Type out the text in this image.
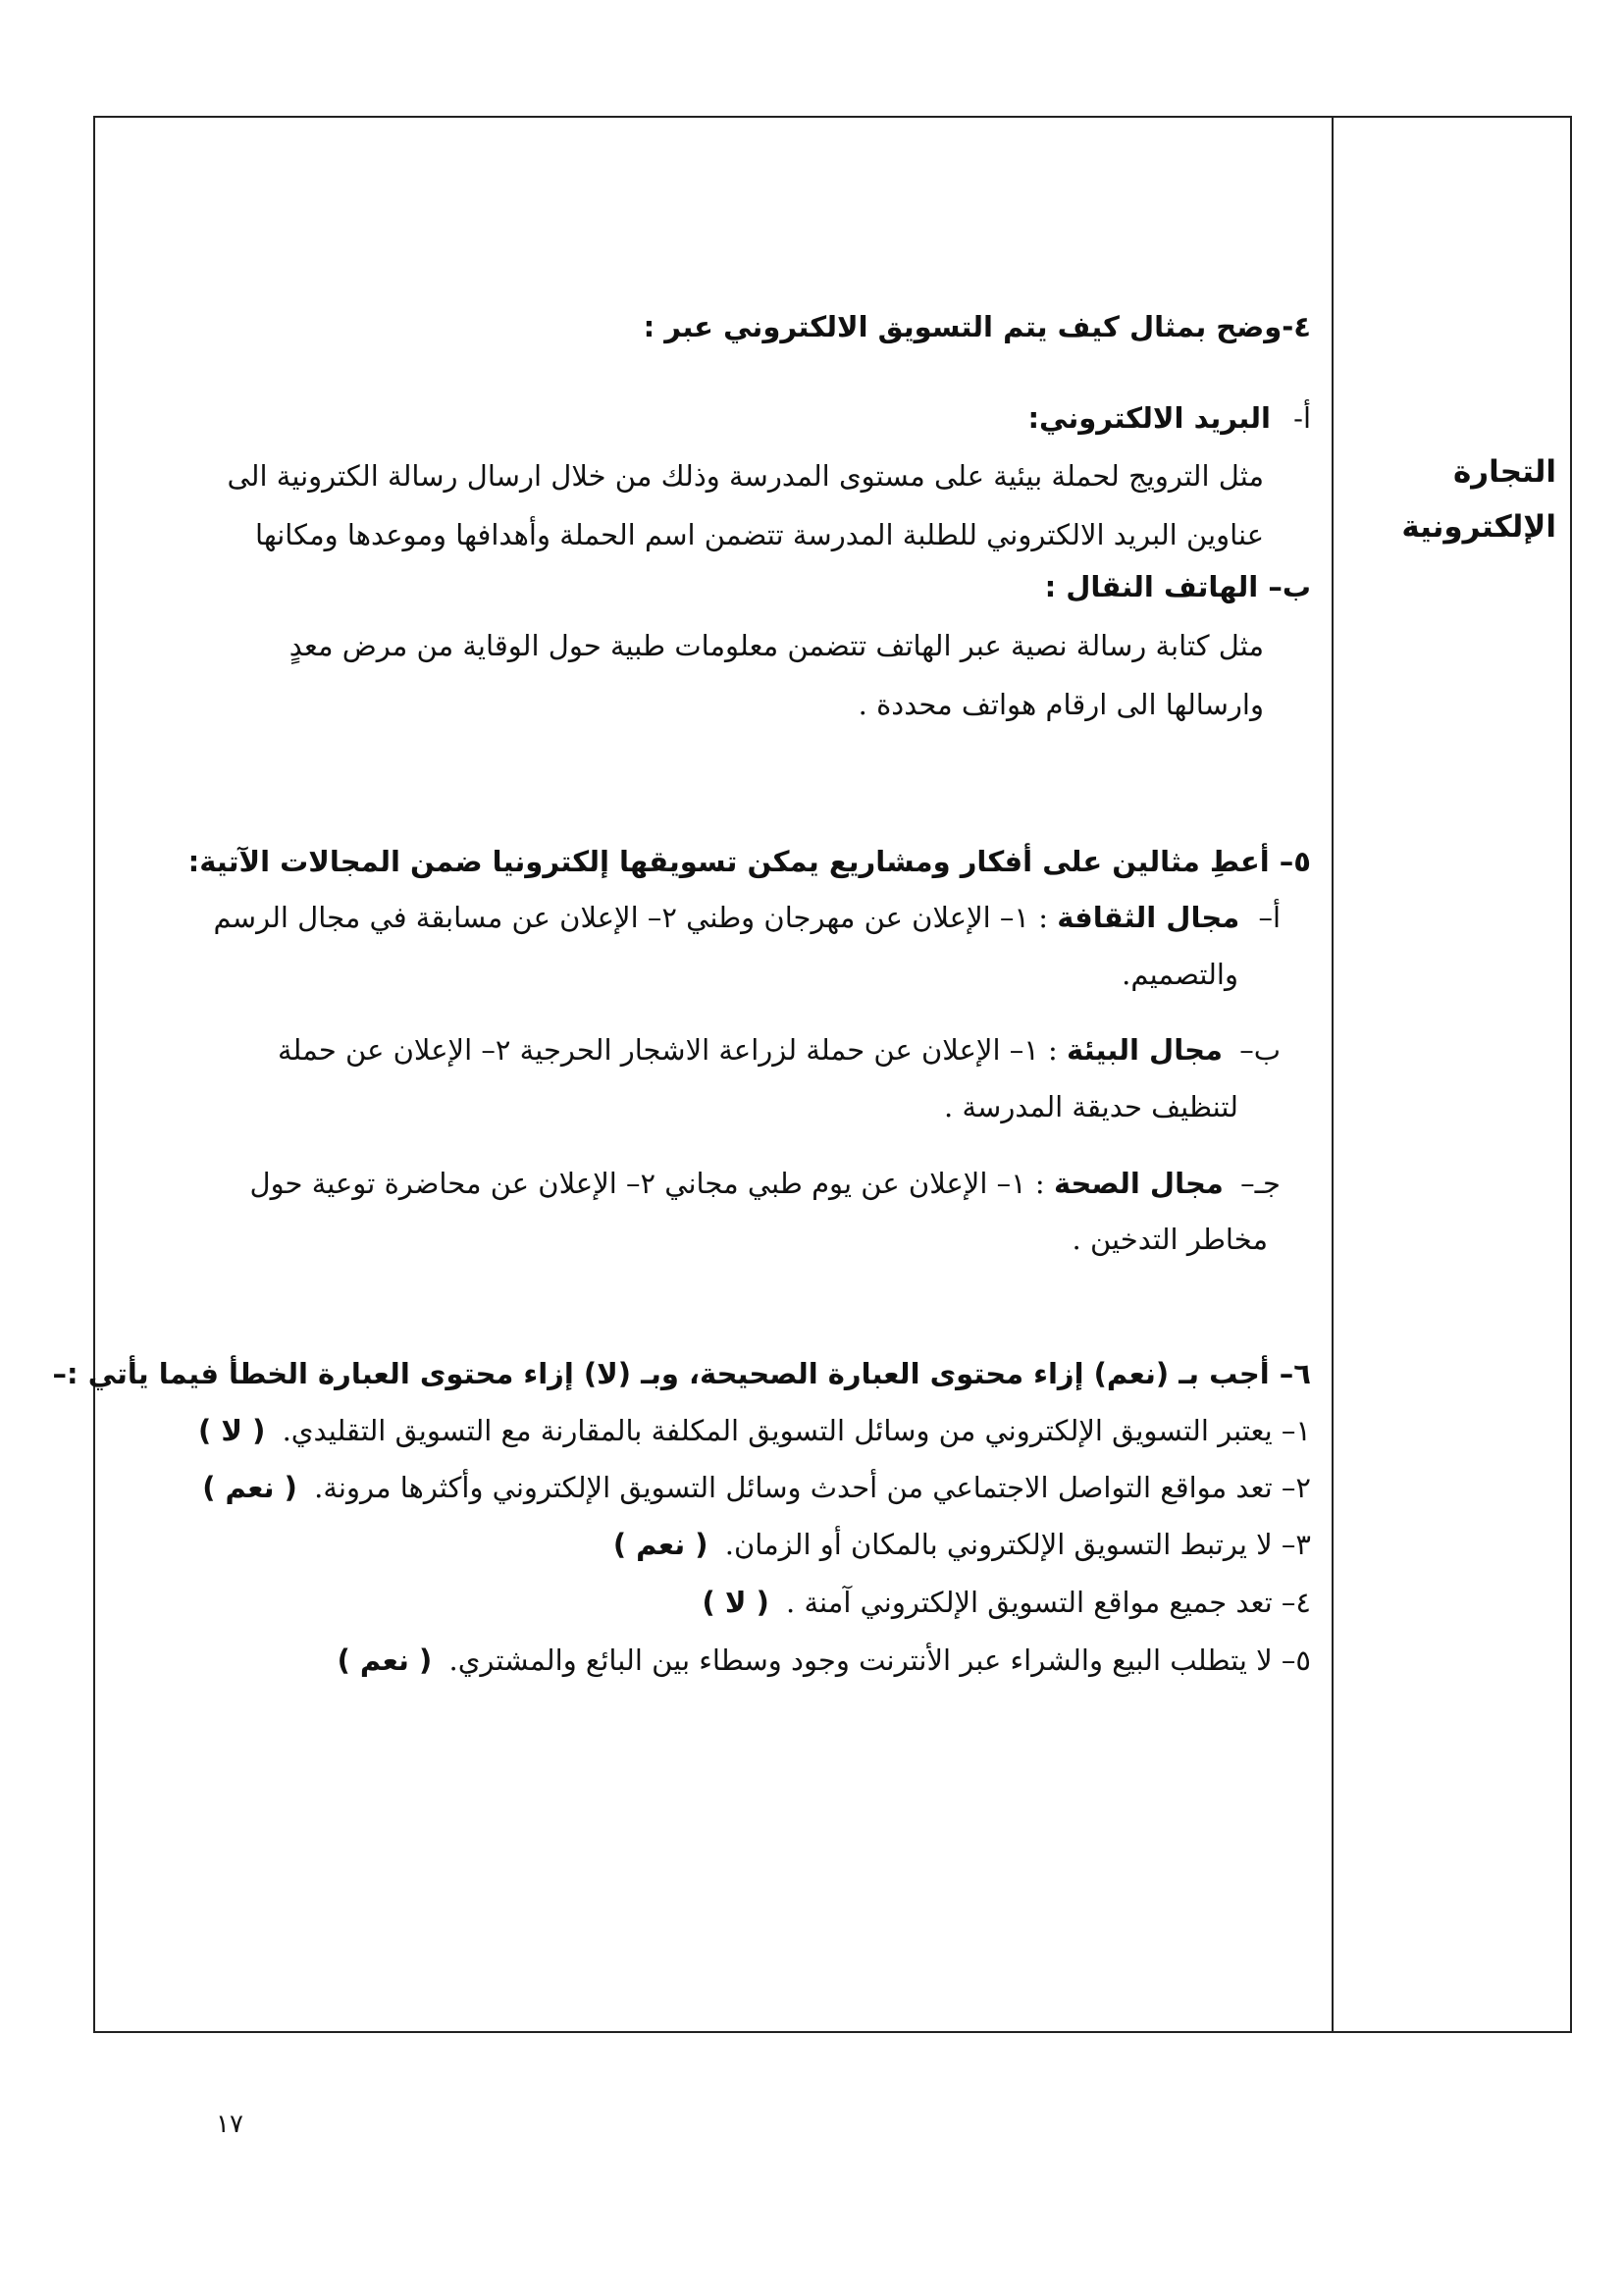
التجارة
الإلكترونية
٤-وضح بمثال كيف يتم التسويق الالكتروني عبر :
أ- البريد الالكتروني:
مثل الترويج لحملة بيئية على مستوى المدرسة وذلك من خلال ارسال رسالة الكترونية الى
عناوين البريد الالكتروني للطلبة المدرسة تتضمن اسم الحملة وأهدافها وموعدها ومكانها
ب– الهاتف النقال :
مثل كتابة رسالة نصية عبر الهاتف تتضمن معلومات طبية حول الوقاية من مرض معدٍ
وارسالها الى ارقام هواتف محددة .
٥– أعطِ مثالين على أفكار ومشاريع يمكن تسويقها إلكترونيا ضمن المجالات الآتية:
أ– مجال الثقافة : ١– الإعلان عن مهرجان وطني ٢– الإعلان عن مسابقة في مجال الرسم
والتصميم.
ب– مجال البيئة : ١– الإعلان عن حملة لزراعة الاشجار الحرجية ٢– الإعلان عن حملة
لتنظيف حديقة المدرسة .
جـ– مجال الصحة : ١– الإعلان عن يوم طبي مجاني ٢– الإعلان عن محاضرة توعية حول
مخاطر التدخين .
٦– أجب بـ (نعم) إزاء محتوى العبارة الصحيحة، وبـ (لا) إزاء محتوى العبارة الخطأ فيما يأتي :–
١– يعتبر التسويق الإلكتروني من وسائل التسويق المكلفة بالمقارنة مع التسويق التقليدي. ( لا )
٢– تعد مواقع التواصل الاجتماعي من أحدث وسائل التسويق الإلكتروني وأكثرها مرونة. ( نعم )
٣– لا يرتبط التسويق الإلكتروني بالمكان أو الزمان. ( نعم )
٤– تعد جميع مواقع التسويق الإلكتروني آمنة . ( لا )
٥– لا يتطلب البيع والشراء عبر الأنترنت وجود وسطاء بين البائع والمشتري. ( نعم )
١٧
